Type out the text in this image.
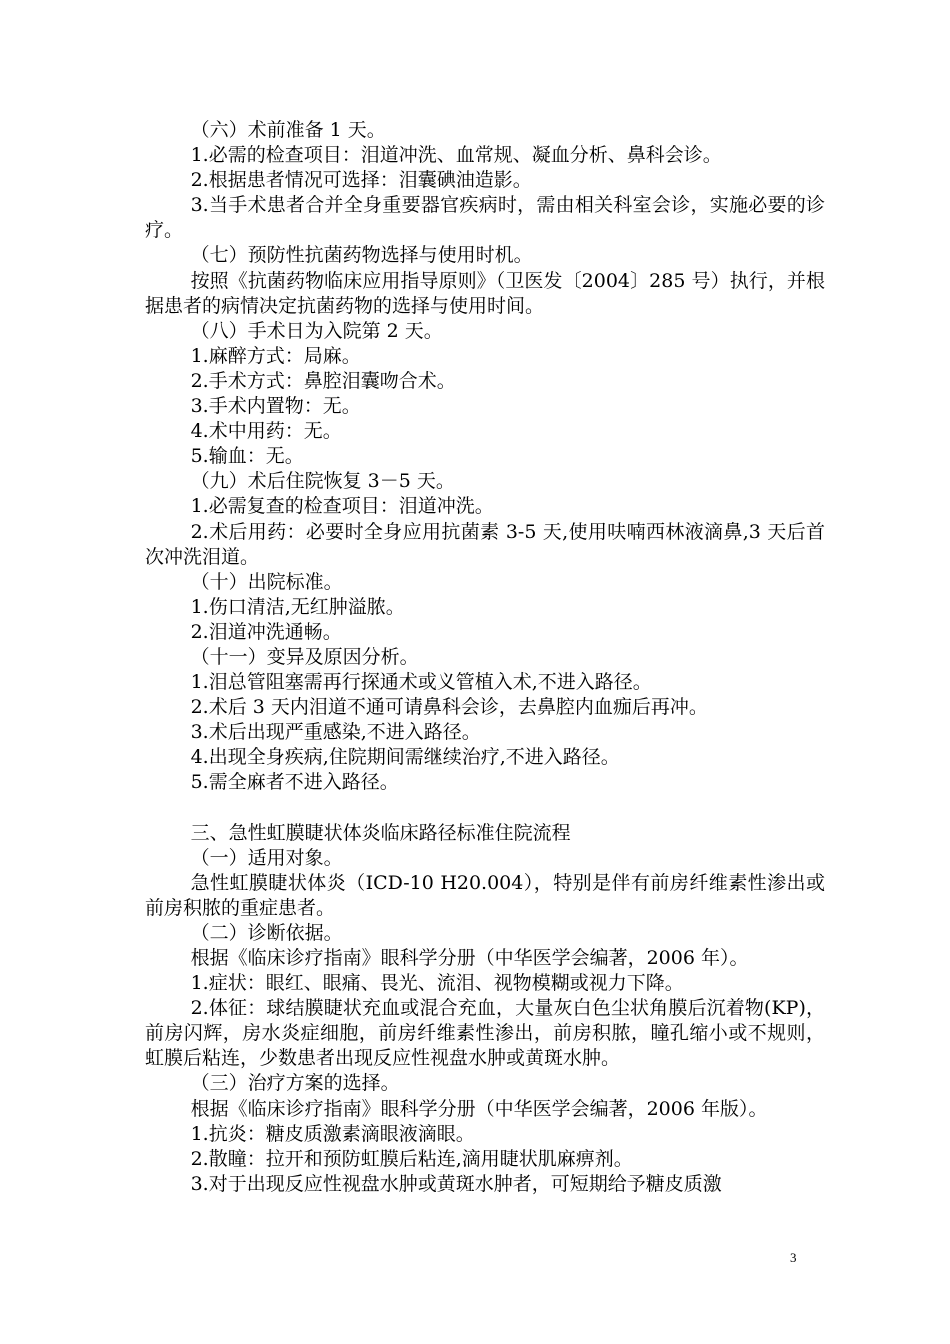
（六）术前准备 1 天。

1.必需的检查项目：泪道冲洗、血常规、凝血分析、鼻科会诊。

2.根据患者情况可选择：泪囊碘油造影。

3.当手术患者合并全身重要器官疾病时，需由相关科室会诊，实施必要的诊疗。

（七）预防性抗菌药物选择与使用时机。

按照《抗菌药物临床应用指导原则》（卫医发〔2004〕285 号）执行，并根据患者的病情决定抗菌药物的选择与使用时间。

（八）手术日为入院第 2 天。

1.麻醉方式：局麻。

2.手术方式：鼻腔泪囊吻合术。

3.手术内置物：无。

4.术中用药：无。

5.输血：无。

（九）术后住院恢复 3－5 天。

1.必需复查的检查项目：泪道冲洗。

2.术后用药：必要时全身应用抗菌素 3-5 天,使用呋喃西林液滴鼻,3 天后首次冲洗泪道。

（十）出院标准。

1.伤口清洁,无红肿溢脓。

2.泪道冲洗通畅。

（十一）变异及原因分析。

1.泪总管阻塞需再行探通术或义管植入术,不进入路径。

2.术后 3 天内泪道不通可请鼻科会诊，去鼻腔内血痂后再冲。

3.术后出现严重感染,不进入路径。

4.出现全身疾病,住院期间需继续治疗,不进入路径。

5.需全麻者不进入路径。

三、急性虹膜睫状体炎临床路径标准住院流程

（一）适用对象。

急性虹膜睫状体炎（ICD-10 H20.004），特别是伴有前房纤维素性渗出或前房积脓的重症患者。

（二）诊断依据。

根据《临床诊疗指南》眼科学分册（中华医学会编著，2006 年）。

1.症状：眼红、眼痛、畏光、流泪、视物模糊或视力下降。

2.体征：球结膜睫状充血或混合充血，大量灰白色尘状角膜后沉着物(KP)，前房闪辉，房水炎症细胞，前房纤维素性渗出，前房积脓，瞳孔缩小或不规则，虹膜后粘连，少数患者出现反应性视盘水肿或黄斑水肿。

（三）治疗方案的选择。

根据《临床诊疗指南》眼科学分册（中华医学会编著，2006 年版）。

1.抗炎：糖皮质激素滴眼液滴眼。

2.散瞳：拉开和预防虹膜后粘连,滴用睫状肌麻痹剂。

3.对于出现反应性视盘水肿或黄斑水肿者，可短期给予糖皮质激

3
